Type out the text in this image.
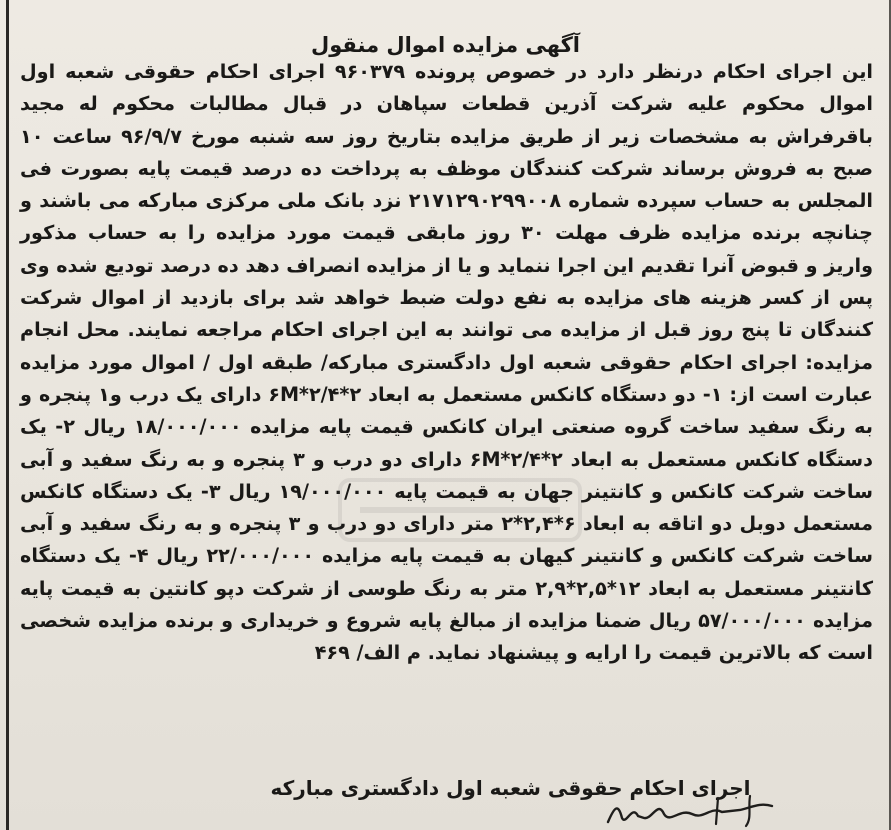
آگهی مزایده اموال منقول
این اجرای احکام درنظر دارد در خصوص پرونده ۹۶۰۳۷۹ اجرای احکام حقوقی شعبه اول اموال محکوم علیه شرکت آذرین قطعات سپاهان در قبال مطالبات محکوم له مجید باقرفراش به مشخصات زیر از طریق مزایده بتاریخ روز سه شنبه مورخ ۹۶/۹/۷ ساعت ۱۰ صبح به فروش برساند شرکت کنندگان موظف به پرداخت ده درصد قیمت پایه بصورت فی المجلس به حساب سپرده شماره ۲۱۷۱۲۹۰۲۹۹۰۰۸ نزد بانک ملی مرکزی مبارکه می باشند و چنانچه برنده مزایده ظرف مهلت ۳۰ روز مابقی قیمت مورد مزایده را به حساب مذکور واریز و قبوض آنرا تقدیم این اجرا ننماید و یا از مزایده انصراف دهد ده درصد تودیع شده وی پس از کسر هزینه های مزایده به نفع دولت ضبط خواهد شد برای بازدید از اموال شرکت کنندگان تا پنج روز قبل از مزایده می توانند به این اجرای احکام مراجعه نمایند. محل انجام مزایده: اجرای احکام حقوقی شعبه اول دادگستری مبارکه/ طبقه اول / اموال مورد مزایده عبارت است از: ۱- دو دستگاه کانکس مستعمل به ابعاد ۲*۲/۴*۶M دارای یک درب و۱ پنجره و به رنگ سفید ساخت گروه صنعتی ایران کانکس قیمت پایه مزایده ۱۸/۰۰۰/۰۰۰ ریال ۲- یک دستگاه کانکس مستعمل به ابعاد ۲*۲/۴*۶M دارای دو درب و ۳ پنجره و به رنگ سفید و آبی ساخت شرکت کانکس و کانتینر جهان به قیمت پایه ۱۹/۰۰۰/۰۰۰ ریال ۳- یک دستگاه کانکس مستعمل دوبل دو اتاقه به ابعاد ۶*۲,۴*۲ متر دارای دو درب و ۳ پنجره و به رنگ سفید و آبی ساخت شرکت کانکس و کانتینر کیهان به قیمت پایه مزایده ۲۲/۰۰۰/۰۰۰ ریال ۴- یک دستگاه کانتینر مستعمل به ابعاد ۱۲*۲,۵*۲,۹ متر به رنگ طوسی از شرکت دپو کانتین به قیمت پایه مزایده ۵۷/۰۰۰/۰۰۰ ریال ضمنا مزایده از مبالغ پایه شروع و خریداری و برنده مزایده شخصی است که بالاترین قیمت را ارایه و پیشنهاد نماید. م الف/ ۴۶۹
اجرای احکام حقوقی شعبه اول دادگستری مبارکه
